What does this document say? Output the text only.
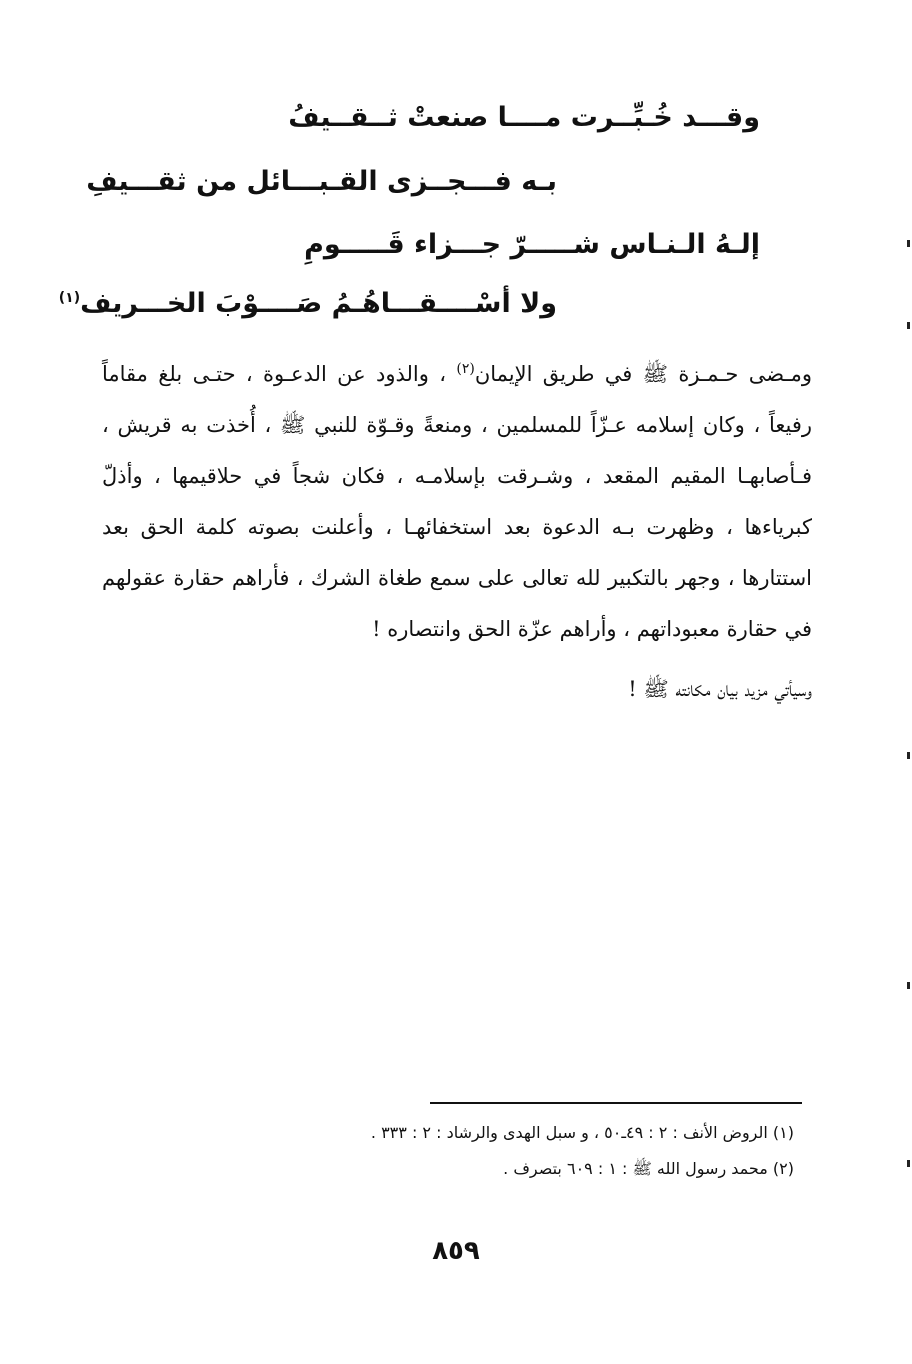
وقـــد خُـبِّــرت مــــا صنعتْ ثــقــيفُ
بـه فـــجــزى القـبـــائل من ثقـــيفِ
إلـهُ الـنـاس شـــــرّ جـــزاء قَـــــومِ
ولا أسْــــقـــاهُـمُ صَــــوْبَ الخـــريف$^{(١)}$
ومـضى حـمـزة ﷺ في طريق الإيمان$^{(٢)}$ ، والذود عن الدعـوة ، حتـى بلغ مقاماً رفيعاً ، وكان إسلامه عـزّاً للمسلمين ، ومنعةً وقـوّة للنبي ﷺ ، أُخذت به قريش ، فـأصابهـا المقيم المقعد ، وشـرقت بإسلامـه ، فكان شجاً في حلاقيمها ، وأذلّ كبرياءها ، وظهرت بـه الدعوة بعد استخفائهـا ، وأعلنت بصوته كلمة الحق بعد استتارها ، وجهر بالتكبير لله تعالى على سمع طغاة الشرك ، فأراهم حقارة عقولهم في حقارة معبوداتهم ، وأراهم عزّة الحق وانتصاره !
وسيأتي مزيد بيان مكانته ﷺ !
(١) الروض الأنف : ٢ : ٤٩ـ٥٠ ، و سبل الهدى والرشاد : ٢ : ٣٣٣ .
(٢) محمد رسول الله ﷺ : ١ : ٦٠٩ بتصرف .
٨٥٩
